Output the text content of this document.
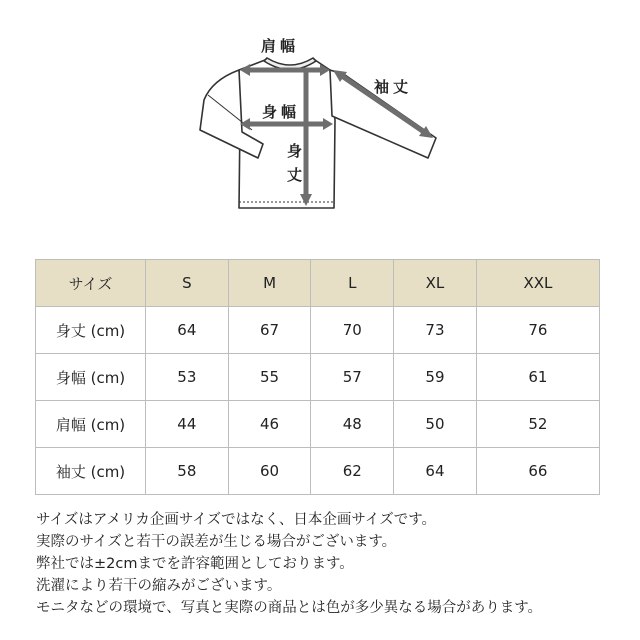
肩幅
袖丈
身幅
身
丈
サイズ	S	M	L	XL	XXL
身丈 (cm)	64	67	70	73	76
身幅 (cm)	53	55	57	59	61
肩幅 (cm)	44	46	48	50	52
袖丈 (cm)	58	60	62	64	66
サイズはアメリカ企画サイズではなく、日本企画サイズです。
実際のサイズと若干の誤差が生じる場合がございます。
弊社では±2cmまでを許容範囲としております。
洗濯により若干の縮みがございます。
モニタなどの環境で、写真と実際の商品とは色が多少異なる場合があります。
